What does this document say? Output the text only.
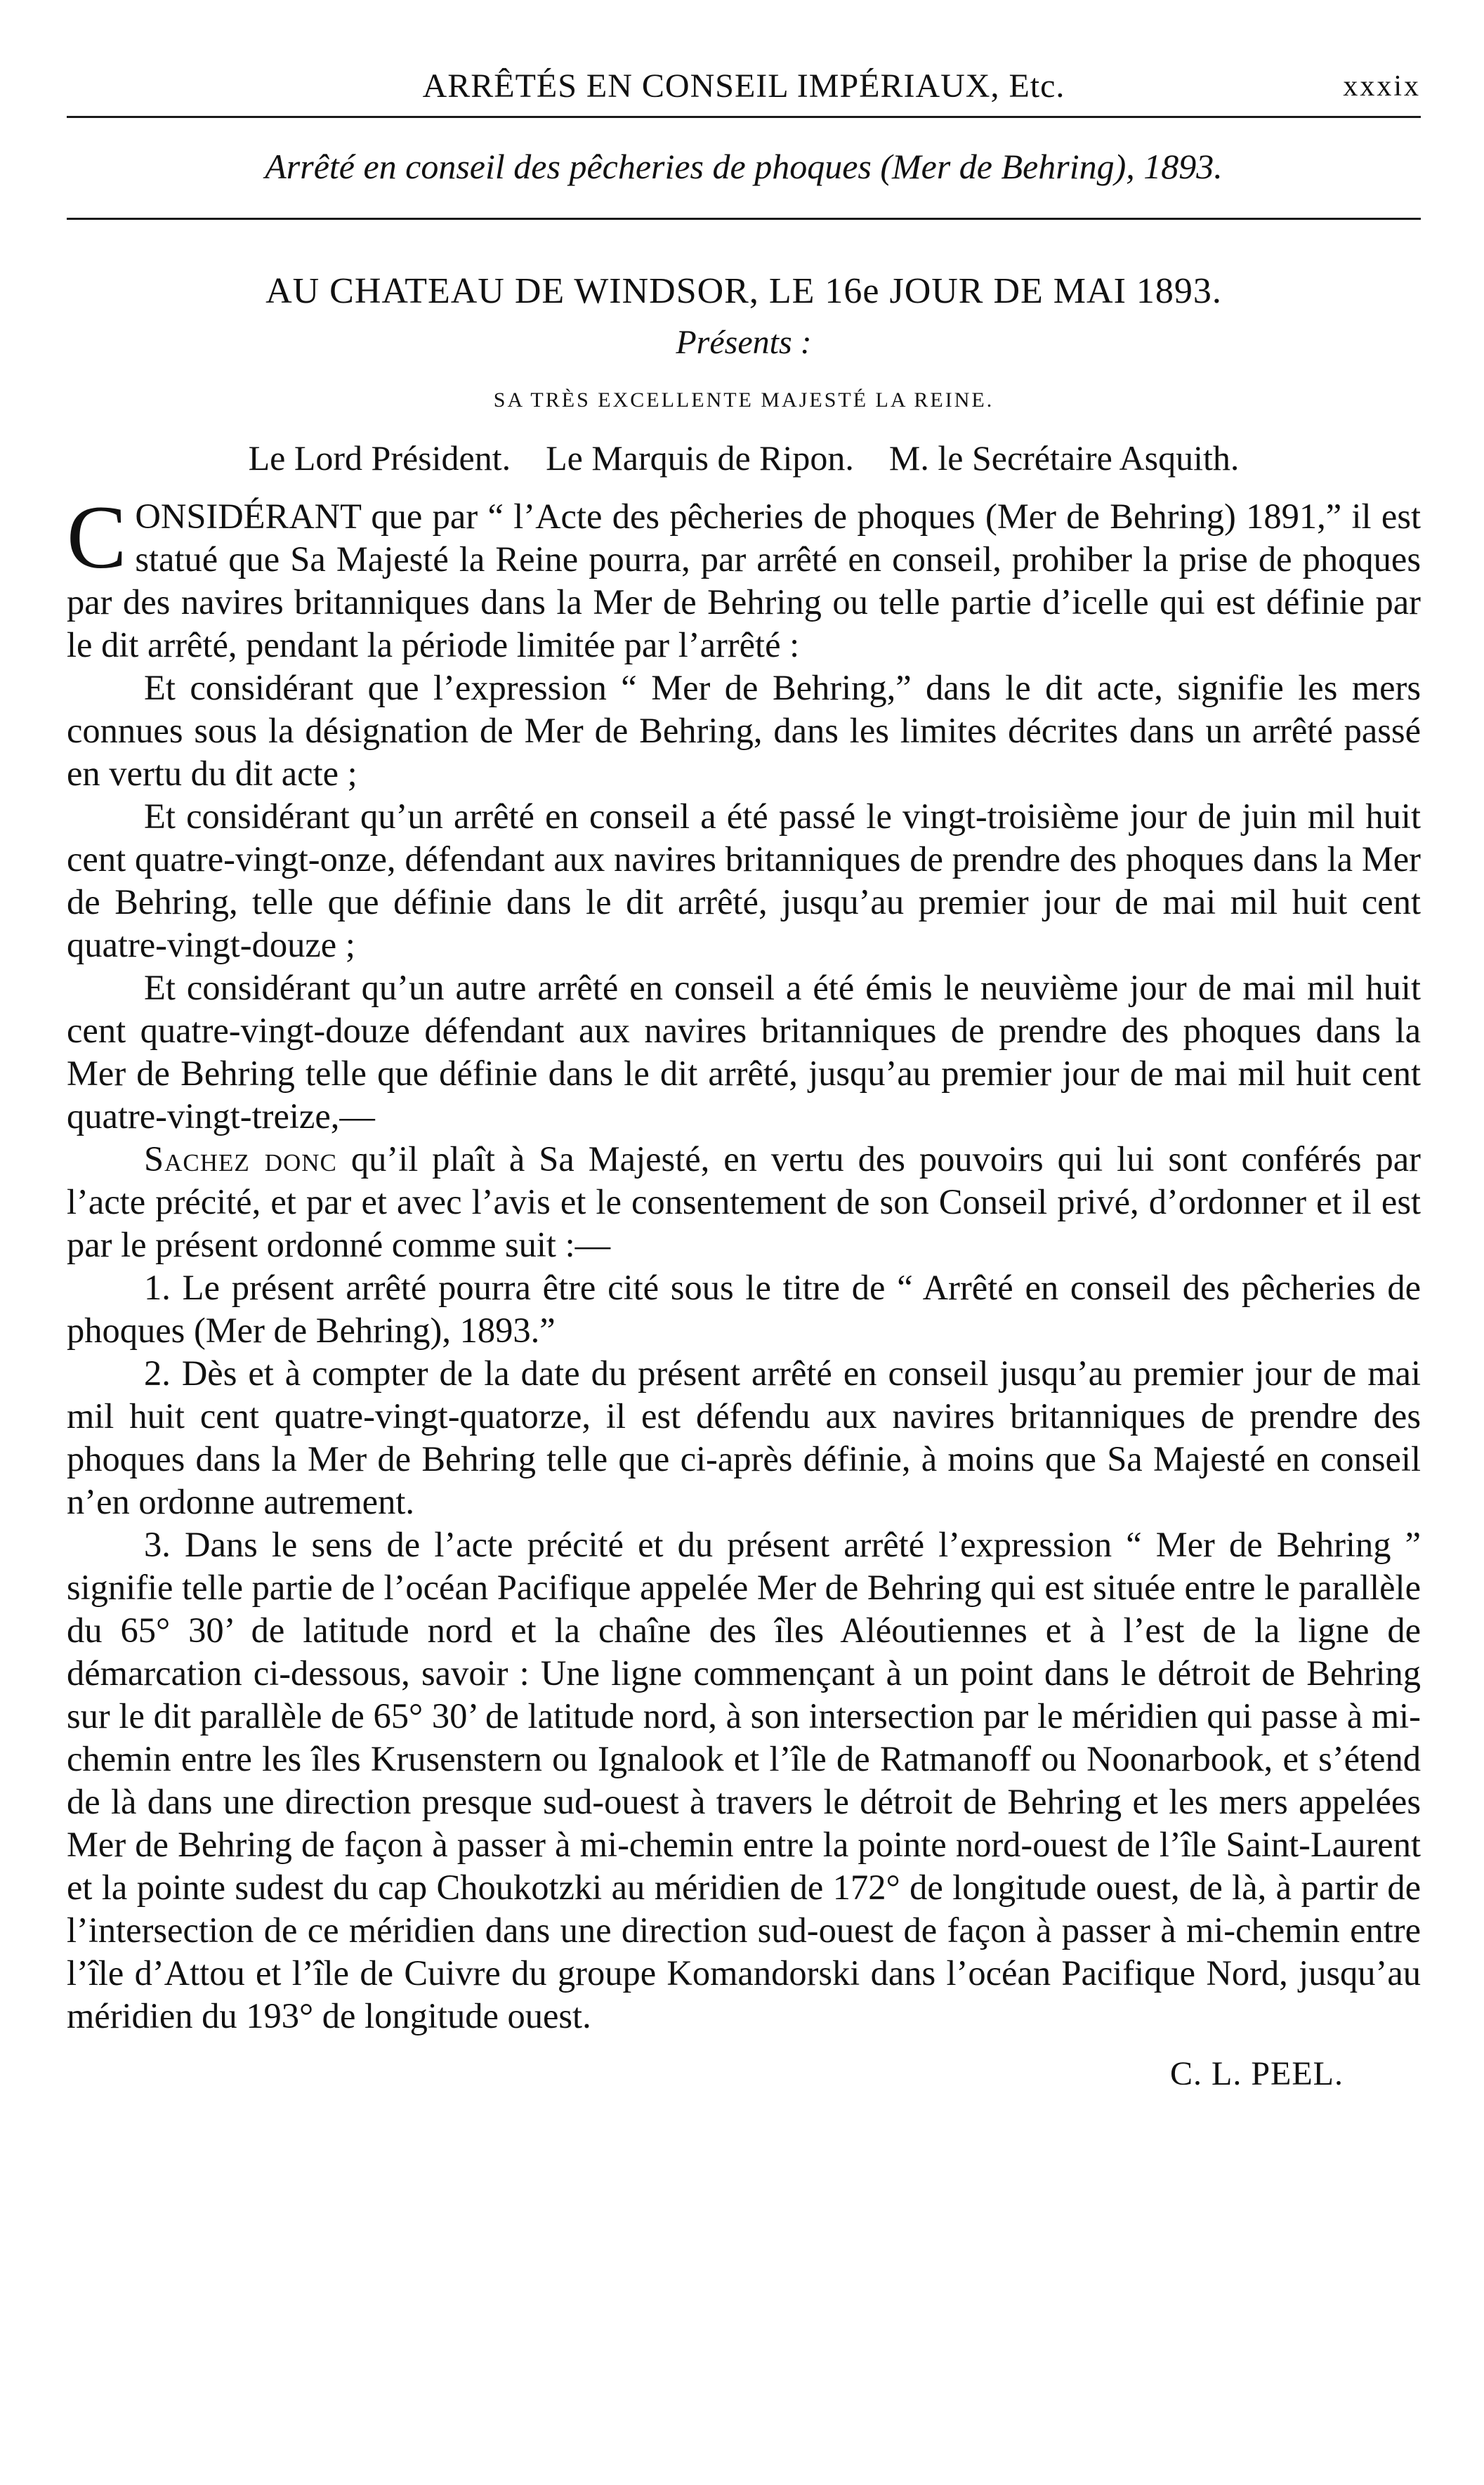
ARRÊTÉS EN CONSEIL IMPÉRIAUX, Etc.	xxxix
Arrêté en conseil des pêcheries de phoques (Mer de Behring), 1893.
AU CHATEAU DE WINDSOR, LE 16e JOUR DE MAI 1893.
Présents :
SA TRÈS EXCELLENTE MAJESTÉ LA REINE.
Le Lord Président. Le Marquis de Ripon. M. le Secrétaire Asquith.

CONSIDÉRANT que par “ l’Acte des pêcheries de phoques (Mer de Behring) 1891,” il est statué que Sa Majesté la Reine pourra, par arrêté en conseil, prohiber la prise de phoques par des navires britanniques dans la Mer de Behring ou telle partie d’icelle qui est définie par le dit arrêté, pendant la période limitée par l’arrêté :

Et considérant que l’expression “ Mer de Behring,” dans le dit acte, signifie les mers connues sous la désignation de Mer de Behring, dans les limites décrites dans un arrêté passé en vertu du dit acte ;

Et considérant qu’un arrêté en conseil a été passé le vingt-troisième jour de juin mil huit cent quatre-vingt-onze, défendant aux navires britanniques de prendre des phoques dans la Mer de Behring, telle que définie dans le dit arrêté, jusqu’au premier jour de mai mil huit cent quatre-vingt-douze ;

Et considérant qu’un autre arrêté en conseil a été émis le neuvième jour de mai mil huit cent quatre-vingt-douze défendant aux navires britanniques de prendre des phoques dans la Mer de Behring telle que définie dans le dit arrêté, jusqu’au premier jour de mai mil huit cent quatre-vingt-treize,—

Sachez donc qu’il plaît à Sa Majesté, en vertu des pouvoirs qui lui sont conférés par l’acte précité, et par et avec l’avis et le consentement de son Conseil privé, d’ordonner et il est par le présent ordonné comme suit :—

1. Le présent arrêté pourra être cité sous le titre de “ Arrêté en conseil des pêcheries de phoques (Mer de Behring), 1893.”

2. Dès et à compter de la date du présent arrêté en conseil jusqu’au premier jour de mai mil huit cent quatre-vingt-quatorze, il est défendu aux navires britanniques de prendre des phoques dans la Mer de Behring telle que ci-après définie, à moins que Sa Majesté en conseil n’en ordonne autrement.

3. Dans le sens de l’acte précité et du présent arrêté l’expression “ Mer de Behring ” signifie telle partie de l’océan Pacifique appelée Mer de Behring qui est située entre le parallèle du 65° 30’ de latitude nord et la chaîne des îles Aléoutiennes et à l’est de la ligne de démarcation ci-dessous, savoir : Une ligne commençant à un point dans le détroit de Behring sur le dit parallèle de 65° 30’ de latitude nord, à son intersection par le méridien qui passe à michemin entre les îles Krusenstern ou Ignalook et l’île de Ratmanoff ou Noonarbook, et s’étend de là dans une direction presque sud-ouest à travers le détroit de Behring et les mers appelées Mer de Behring de façon à passer à mi-chemin entre la pointe nord-ouest de l’île Saint-Laurent et la pointe sudest du cap Choukotzki au méridien de 172° de longitude ouest, de là, à partir de l’intersection de ce méridien dans une direction sud-ouest de façon à passer à mi-chemin entre l’île d’Attou et l’île de Cuivre du groupe Komandorski dans l’océan Pacifique Nord, jusqu’au méridien du 193° de longitude ouest.

C. L. PEEL.
